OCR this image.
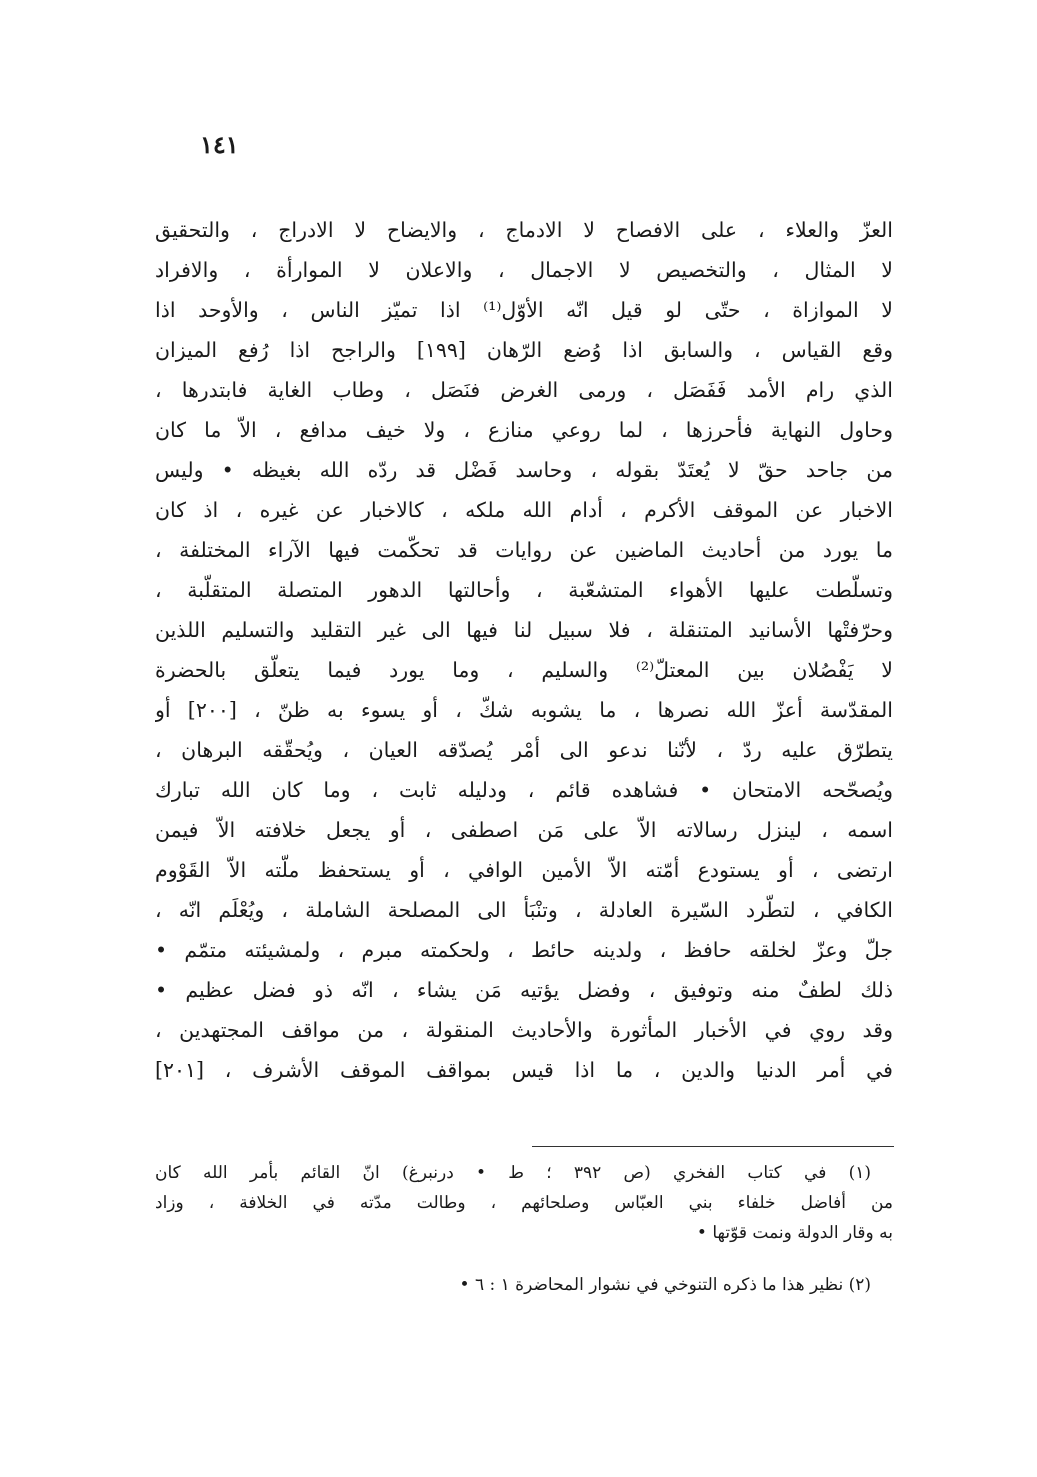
١٤١
العزّ والعلاء ، على الافصاح لا الادماج ، والايضاح لا الادراج ، والتحقيق
لا المثال ، والتخصيص لا الاجمال ، والاعلان لا الموارأة ، والافراد
لا الموازاة ، حتّى لو قيل انّه الأوّل⁽¹⁾ اذا تميّز الناس ، والأوحد اذا
وقع القياس ، والسابق اذا وُضع الرّهان [١٩٩] والراجح اذا رُفع الميزان
الذي رام الأمد فَفَصَل ، ورمى الغرض فنَصَل ، وطاب الغاية فابتدرها ،
وحاول النهاية فأحرزها ، لما روعي منازع ، ولا خيف مدافع ، الاّ ما كان
من جاحد حقّ لا يُعتَدّ بقوله ، وحاسد فَضْل قد ردّه الله بغيظه • وليس
الاخبار عن الموقف الأكرم ، أدام الله ملكه ، كالاخبار عن غيره ، اذ كان
ما يورد من أحاديث الماضين عن روايات قد تحكّمت فيها الآراء المختلفة ،
وتسلّطت عليها الأهواء المتشعّبة ، وأحالتها الدهور المتصلة المتقلّبة ،
وحرّفتْها الأسانيد المتنقلة ، فلا سبيل لنا فيها الى غير التقليد والتسليم اللذين
لا يَفْصُلان بين المعتلّ⁽²⁾ والسليم ، وما يورد فيما يتعلّق بالحضرة
المقدّسة أعزّ الله نصرها ، ما يشوبه شكّ ، أو يسوء به ظنّ ، [٢٠٠] أو
يتطرّق عليه ردّ ، لأنّنا ندعو الى أمْر يُصدّقه العيان ، ويُحقّقه البرهان ،
ويُصحّحه الامتحان • فشاهده قائم ، ودليله ثابت ، وما كان الله تبارك
اسمه ، لينزل رسالاته الاّ على مَن اصطفى ، أو يجعل خلافته الاّ فيمن
ارتضى ، أو يستودع أمّته الاّ الأمين الوافي ، أو يستحفظ ملّته الاّ القَوْوم
الكافي ، لتطّرد السّيرة العادلة ، وتنْبَأ الى المصلحة الشاملة ، ويُعْلَم انّه ،
جلّ وعزّ لخلقه حافظ ، ولدينه حائط ، ولحكمته مبرم ، ولمشيئته متمّم •
ذلك لطفٌ منه وتوفيق ، وفضل يؤتيه مَن يشاء ، انّه ذو فضل عظيم •
وقد روي في الأخبار المأثورة والأحاديث المنقولة ، من مواقف المجتهدين ،
في أمر الدنيا والدين ، ما اذا قيس بمواقف الموقف الأشرف ، [٢٠١]
(١) في كتاب الفخري (ص ٣٩٢ ؛ ط • درنبرغ) انّ القائم بأمر الله كان
من أفاضل خلفاء بني العبّاس وصلحائهم ، وطالت مدّته في الخلافة ، وزاد
به وقار الدولة ونمت قوّتها •
(٢) نظير هذا ما ذكره التنوخي في نشوار المحاضرة ١ : ٦ •
